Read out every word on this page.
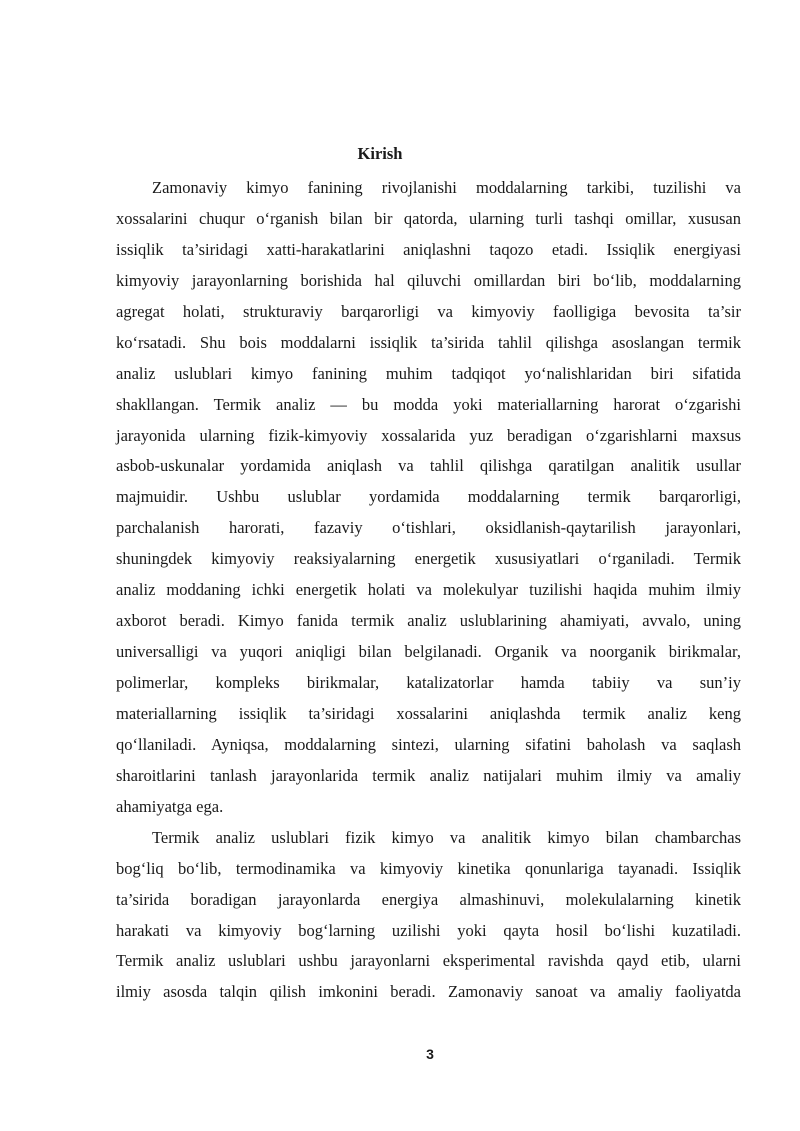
Kirish
Zamonaviy kimyo fanining rivojlanishi moddalarning tarkibi, tuzilishi va
xossalarini chuqur o‘rganish bilan bir qatorda, ularning turli tashqi omillar, xususan
issiqlik ta’siridagi xatti-harakatlarini aniqlashni taqozo etadi. Issiqlik energiyasi
kimyoviy jarayonlarning borishida hal qiluvchi omillardan biri bo‘lib, moddalarning
agregat holati, strukturaviy barqarorligi va kimyoviy faolligiga bevosita ta’sir
ko‘rsatadi. Shu bois moddalarni issiqlik ta’sirida tahlil qilishga asoslangan termik
analiz uslublari kimyo fanining muhim tadqiqot yo‘nalishlaridan biri sifatida
shakllangan. Termik analiz — bu modda yoki materiallarning harorat o‘zgarishi
jarayonida ularning fizik-kimyoviy xossalarida yuz beradigan o‘zgarishlarni maxsus
asbob-uskunalar yordamida aniqlash va tahlil qilishga qaratilgan analitik usullar
majmuidir. Ushbu uslublar yordamida moddalarning termik barqarorligi,
parchalanish harorati, fazaviy o‘tishlari, oksidlanish-qaytarilish jarayonlari,
shuningdek kimyoviy reaksiyalarning energetik xususiyatlari o‘rganiladi. Termik
analiz moddaning ichki energetik holati va molekulyar tuzilishi haqida muhim ilmiy
axborot beradi. Kimyo fanida termik analiz uslublarining ahamiyati, avvalo, uning
universalligi va yuqori aniqligi bilan belgilanadi. Organik va noorganik birikmalar,
polimerlar, kompleks birikmalar, katalizatorlar hamda tabiiy va sun’iy
materiallarning issiqlik ta’siridagi xossalarini aniqlashda termik analiz keng
qo‘llaniladi. Ayniqsa, moddalarning sintezi, ularning sifatini baholash va saqlash
sharoitlarini tanlash jarayonlarida termik analiz natijalari muhim ilmiy va amaliy
ahamiyatga ega.
Termik analiz uslublari fizik kimyo va analitik kimyo bilan chambarchas
bog‘liq bo‘lib, termodinamika va kimyoviy kinetika qonunlariga tayanadi. Issiqlik
ta’sirida boradigan jarayonlarda energiya almashinuvi, molekulalarning kinetik
harakati va kimyoviy bog‘larning uzilishi yoki qayta hosil bo‘lishi kuzatiladi.
Termik analiz uslublari ushbu jarayonlarni eksperimental ravishda qayd etib, ularni
ilmiy asosda talqin qilish imkonini beradi. Zamonaviy sanoat va amaliy faoliyatda
3
